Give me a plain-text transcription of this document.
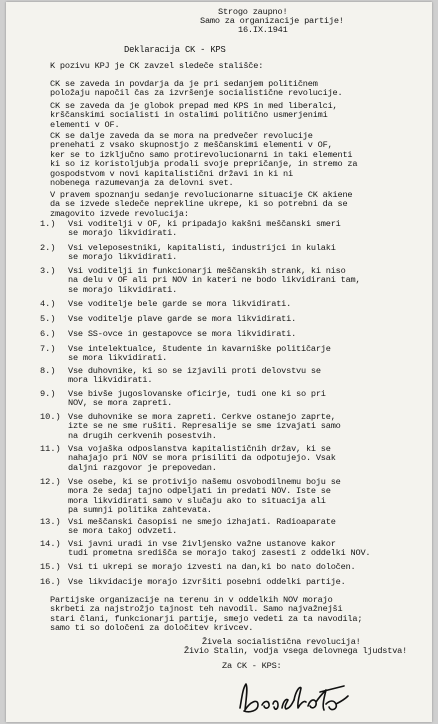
Strogo zaupno!
Samo za organizacije partije!
16.IX.1941
Deklaracija CK - KPS
K pozivu KPJ je CK zavzel sledeče stališče:
CK se zaveda in povdarja da je pri sedanjem političnem
položaju napočil čas za izvršenje socialistične revolucije.
CK se zaveda da je globok prepad med KPS in med liberalci,
krščanskimi socialisti in ostalimi politično usmerjenimi
elementi v OF.
CK se dalje zaveda da se mora na predvečer revolucije
prenehati z vsako skupnostjo z meščanskimi elementi v OF,
ker se to izključno samo protirevolucionarni in taki elementi
ki so iz koristoljubja prodali svoje prepričanje, in stremo za
gospodstvom v novi kapitalistični državi in ki ni
nobenega razumevanja za delovni svet.
V pravem spoznanju sedanje revolucionarne situacije CK akiene
da se izvede sledeče neprekline ukrepe, ki so potrebni da se
zmagovito izvede revolucija:
1.) Vsi voditelji v OF, ki pripadajo kakšni meščanski smeri
se morajo likvidirati.
2.) Vsi veleposestniki, kapitalisti, industrijci in kulaki
se morajo likvidirati.
3.) Vsi voditelji in funkcionarji meščanskih strank, ki niso
na delu v OF ali pri NOV in kateri ne bodo likvidirani tam,
se morajo likvidirati.
4.) Vse voditelje bele garde se mora likvidirati.
5.) Vse voditelje plave garde se mora likvidirati.
6.) Vse SS-ovce in gestapovce se mora likvidirati.
7.) Vse intelektualce, študente in kavarniške političarje
se mora likvidirati.
8.) Vse duhovnike, ki so se izjavili proti delovstvu se
mora likvidirati.
9.) Vse bivše jugoslovanske oficirje, tudi one ki so pri
NOV, se mora zapreti.
10.) Vse duhovnike se mora zapreti. Cerkve ostanejo zaprte,
izte se ne sme rušiti. Represalije se sme izvajati samo
na drugih cerkvenih posestvih.
11.) Vsa vojaška odposlanstva kapitalističnih držav, ki se
nahajajo pri NOV se mora prisiliti da odpotujejo. Vsak
daljni razgovor je prepovedan.
12.) Vse osebe, ki se protivijo našemu osvobodilnemu boju se
mora že sedaj tajno odpeljati in predati NOV. Iste se
mora likvidirati samo v slučaju ako to situacija ali
pa sumnji politika zahtevata.
13.) Vsi meščanski časopisi ne smejo izhajati. Radioaparate
se mora takoj odvzeti.
14.) Vsi javni uradi in vse življensko važne ustanove kakor
tudi prometna središča se morajo takoj zasesti z oddelki NOV.
15.) Vsi ti ukrepi se morajo izvesti na dan,ki bo nato določen.
16.) Vse likvidacije morajo izvršiti posebni oddelki partije.
Partijske organizacije na terenu in v oddelkih NOV morajo
skrbeti za najstrožjo tajnost teh navodil. Samo najvažnejši
stari člani, funkcionarji partije, smejo vedeti za ta navodila;
samo ti so določeni za določitev krivcev.
Živela socialistična revolucija!
Živio Stalin, vodja vsega delovnega ljudstva!
Za CK - KPS:
